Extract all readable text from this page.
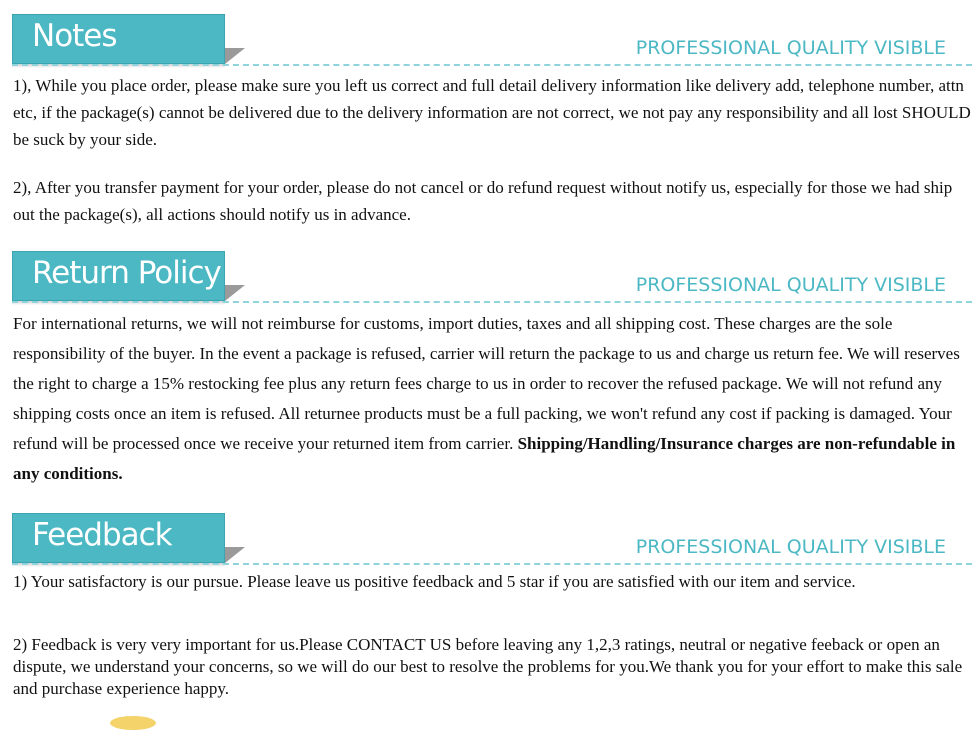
Notes	PROFESSIONAL QUALITY VISIBLE

1), While you place order, please make sure you left us correct and full detail delivery information like delivery add, telephone number, attn etc, if the package(s) cannot be delivered due to the delivery information are not correct, we not pay any responsibility and all lost SHOULD be suck by your side.

2), After you transfer payment for your order, please do not cancel or do refund request without notify us, especially for those we had ship out the package(s), all actions should notify us in advance.

Return Policy	PROFESSIONAL QUALITY VISIBLE

For international returns, we will not reimburse for customs, import duties, taxes and all shipping cost. These charges are the sole responsibility of the buyer. In the event a package is refused, carrier will return the package to us and charge us return fee. We will reserves the right to charge a 15% restocking fee plus any return fees charge to us in order to recover the refused package. We will not refund any shipping costs once an item is refused. All returnee products must be a full packing, we won't refund any cost if packing is damaged. Your refund will be processed once we receive your returned item from carrier. Shipping/Handling/Insurance charges are non-refundable in any conditions.

Feedback	PROFESSIONAL QUALITY VISIBLE

1) Your satisfactory is our pursue. Please leave us positive feedback and 5 star if you are satisfied with our item and service.

2) Feedback is very very important for us.Please CONTACT US before leaving any 1,2,3 ratings, neutral or negative feeback or open an dispute, we understand your concerns, so we will do our best to resolve the problems for you.We thank you for your effort to make this sale and purchase experience happy.
